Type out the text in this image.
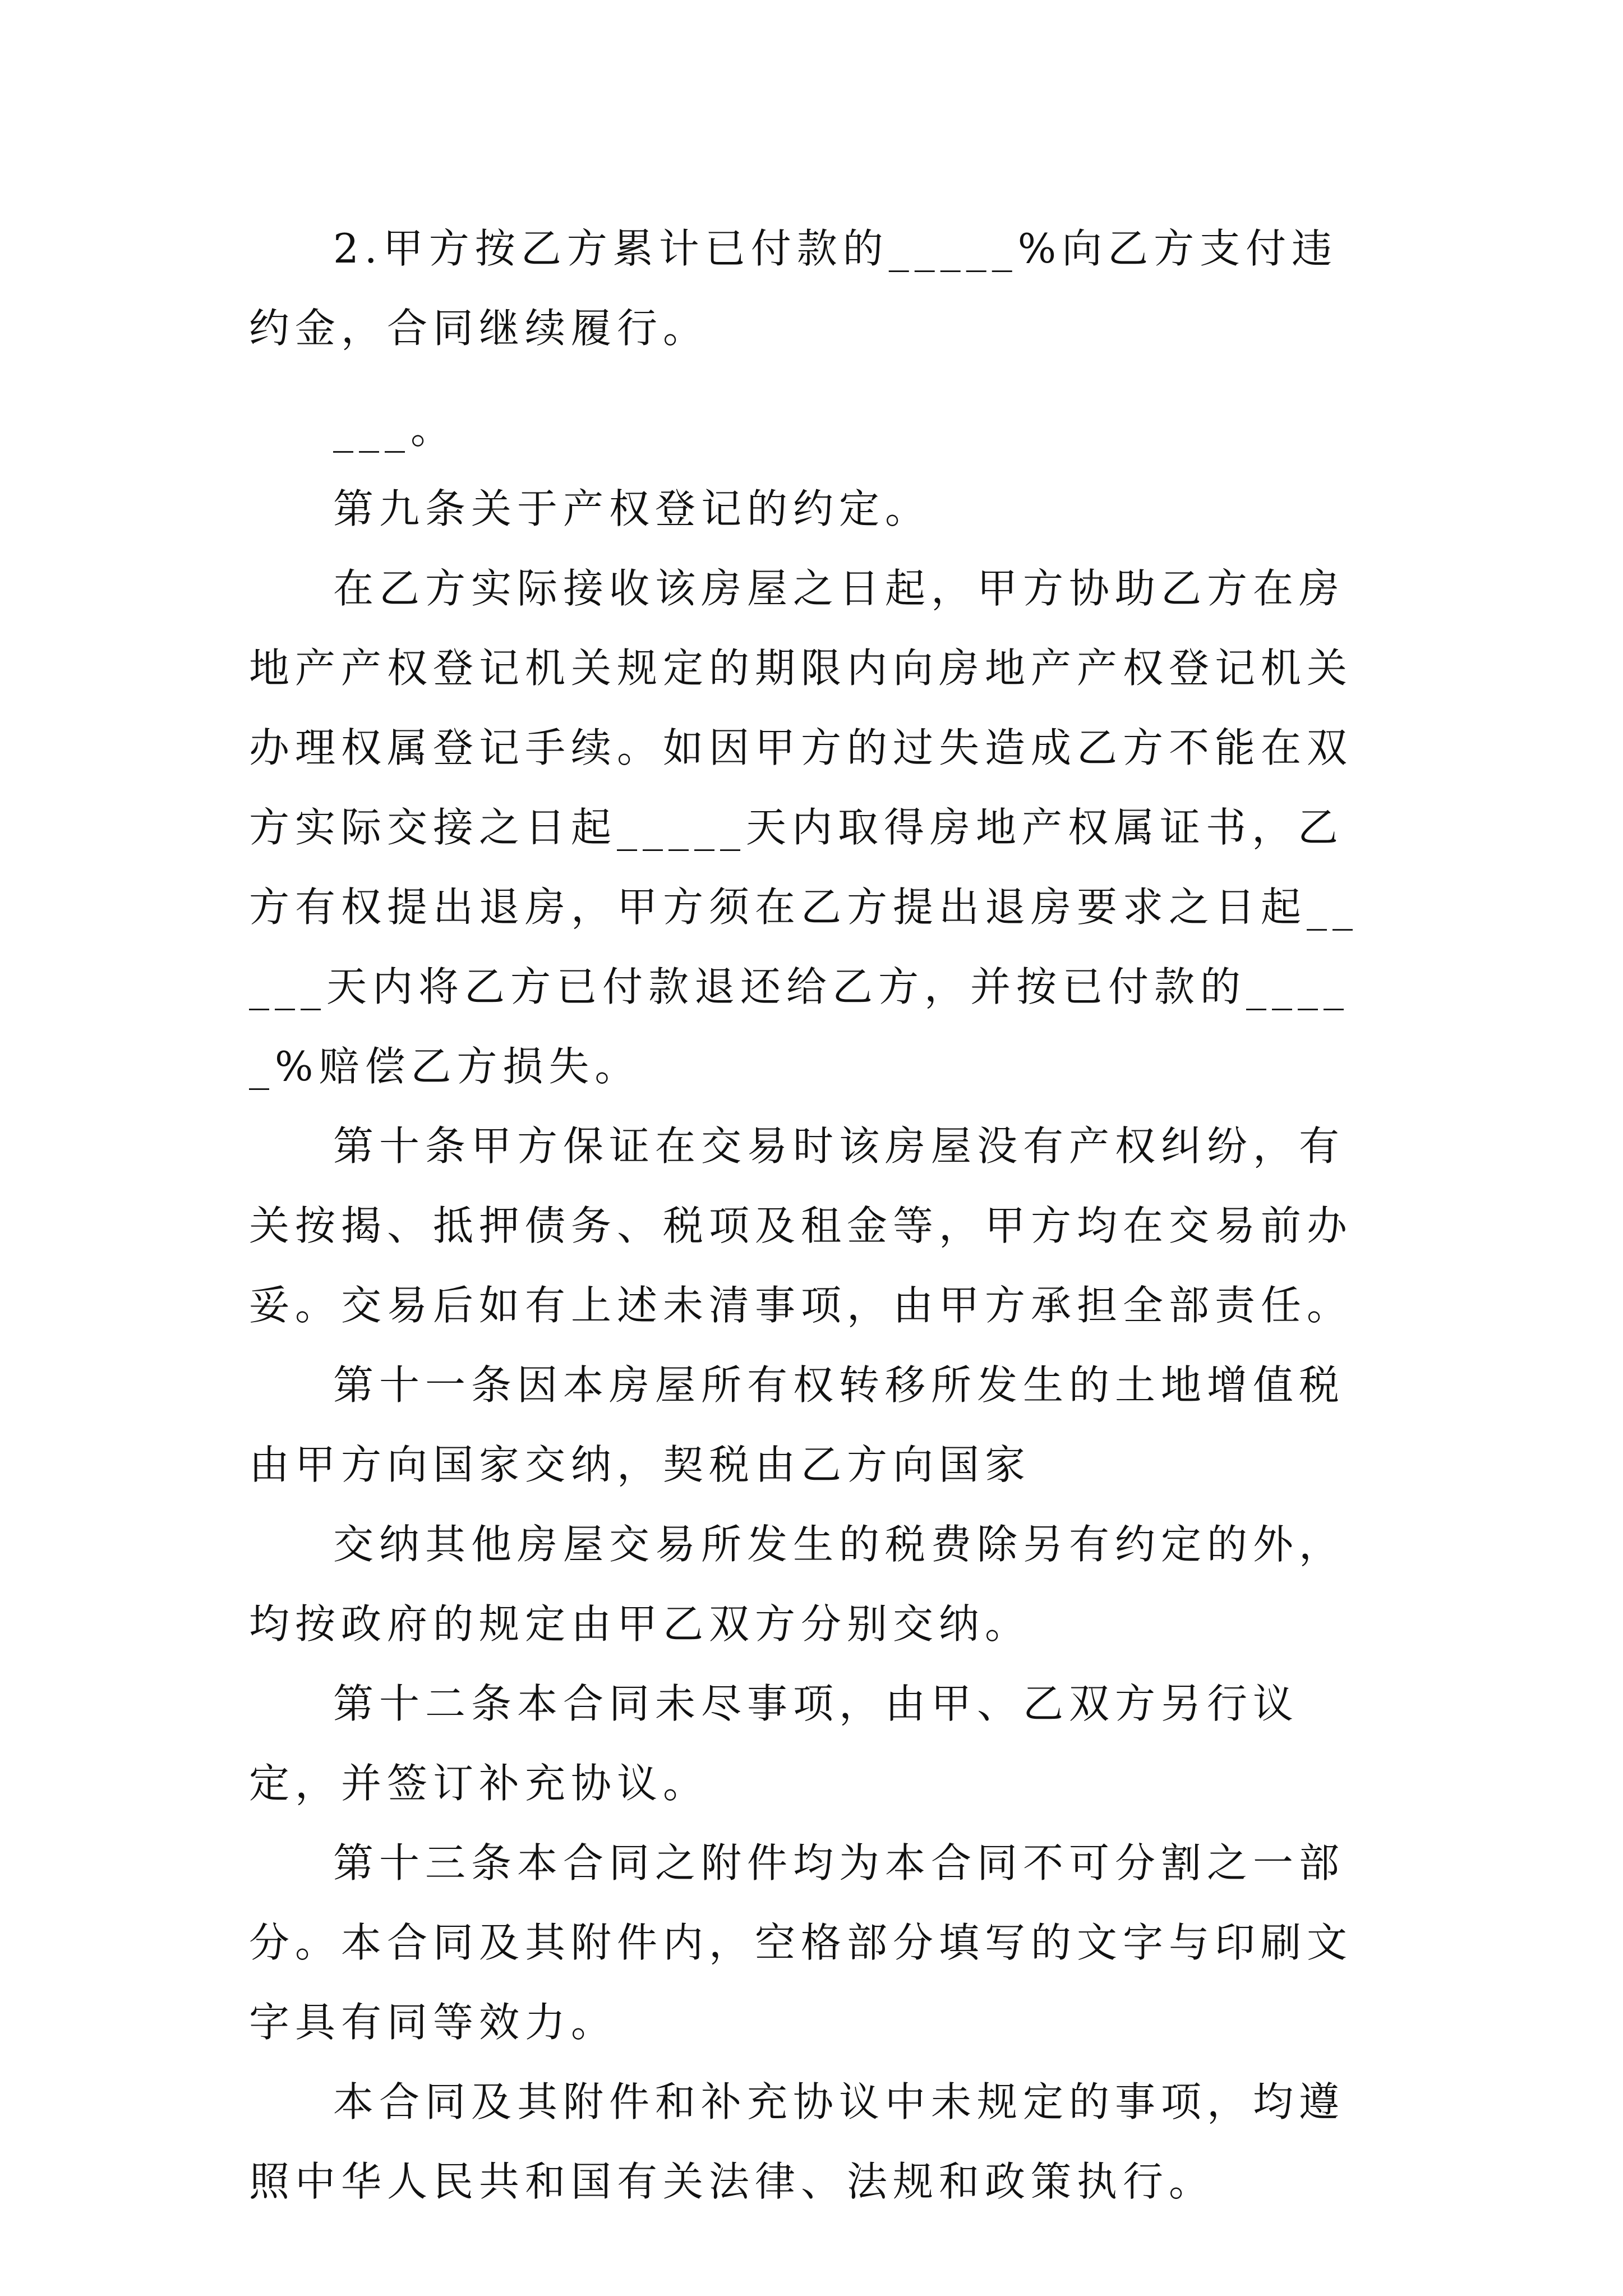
2.甲方按乙方累计已付款的_____%向乙方支付违约金，合同继续履行。

___。

第九条关于产权登记的约定。

在乙方实际接收该房屋之日起，甲方协助乙方在房地产产权登记机关规定的期限内向房地产产权登记机关办理权属登记手续。如因甲方的过失造成乙方不能在双方实际交接之日起_____天内取得房地产权属证书，乙方有权提出退房，甲方须在乙方提出退房要求之日起_____天内将乙方已付款退还给乙方，并按已付款的_____%赔偿乙方损失。

第十条甲方保证在交易时该房屋没有产权纠纷，有关按揭、抵押债务、税项及租金等，甲方均在交易前办妥。交易后如有上述未清事项，由甲方承担全部责任。

第十一条因本房屋所有权转移所发生的土地增值税由甲方向国家交纳，契税由乙方向国家

交纳其他房屋交易所发生的税费除另有约定的外，均按政府的规定由甲乙双方分别交纳。

第十二条本合同未尽事项，由甲、乙双方另行议定，并签订补充协议。

第十三条本合同之附件均为本合同不可分割之一部分。本合同及其附件内，空格部分填写的文字与印刷文字具有同等效力。

本合同及其附件和补充协议中未规定的事项，均遵照中华人民共和国有关法律、法规和政策执行。
